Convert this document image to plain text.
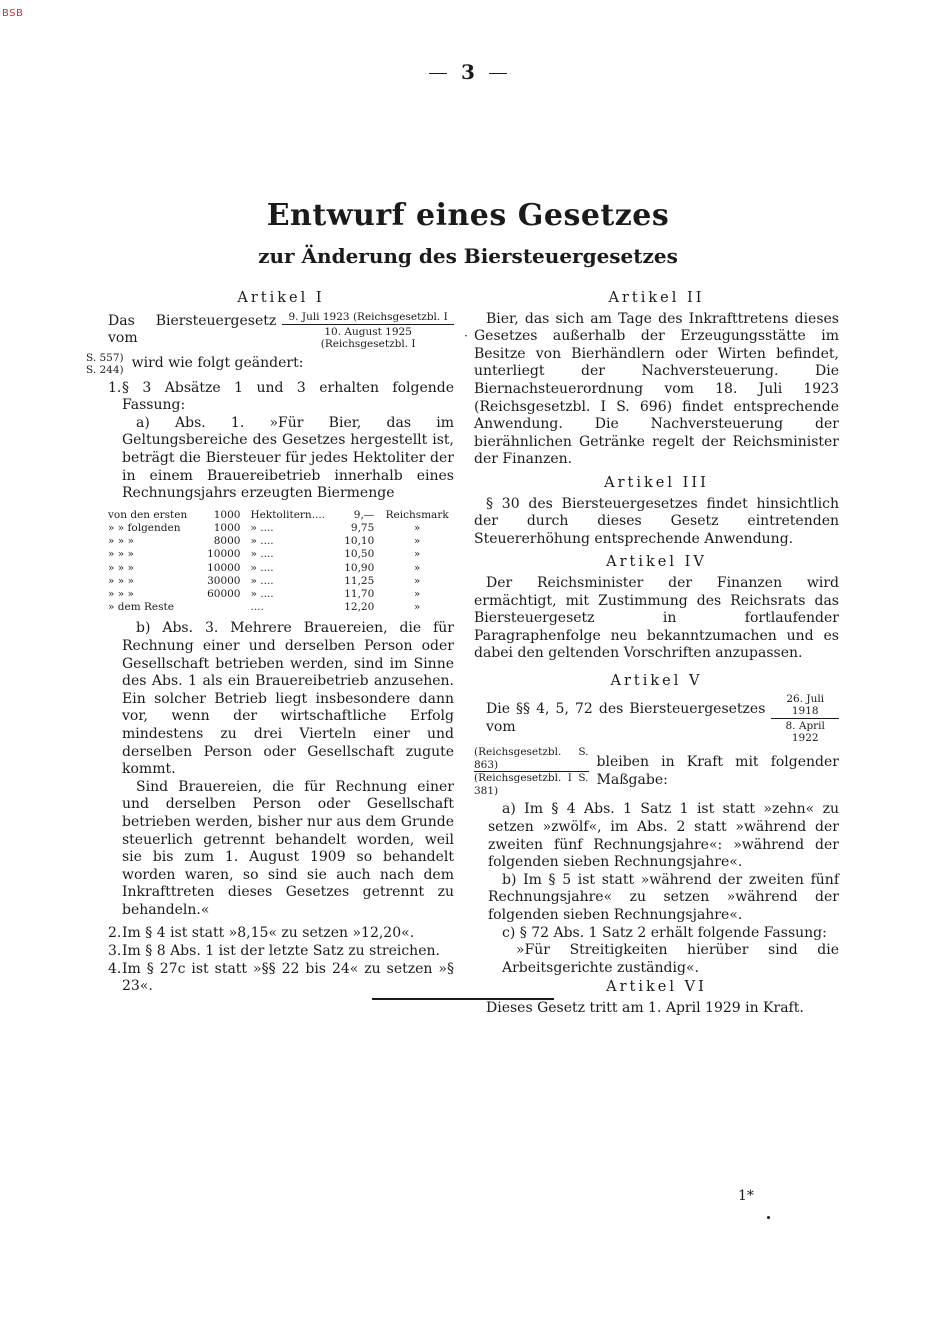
BSB
3
Entwurf eines Gesetzes
zur Änderung des Biersteuergesetzes
Artikel I
Das Biersteuergesetz vom	$\frac{\text{9. Juli 1923 (Reichsgesetzbl. I}}{\text{10. August 1925 (Reichsgesetzbl. I}}$
S. 557)
S. 244) wird wie folgt geändert:
1. § 3 Absätze 1 und 3 erhalten folgende Fassung:

a) Abs. 1. »Für Bier, das im Geltungsbereiche des Gesetzes hergestellt ist, beträgt die Biersteuer für jedes Hektoliter der in einem Brauereibetrieb innerhalb eines Rechnungsjahrs erzeugten Biermenge

von den ersten	1000	Hektolitern....	9,—	Reichsmark
» » folgenden	1000	» ....	9,75	»
» » »	8000	» ....	10,10	»
» » »	10000	» ....	10,50	»
» » »	10000	» ....	10,90	»
» » »	30000	» ....	11,25	»
» » »	60000	» ....	11,70	»
» dem Reste		....	12,20	»

b) Abs. 3. Mehrere Brauereien, die für Rechnung einer und derselben Person oder Gesellschaft betrieben werden, sind im Sinne des Abs. 1 als ein Brauereibetrieb anzusehen. Ein solcher Betrieb liegt insbesondere dann vor, wenn der wirtschaftliche Erfolg mindestens zu drei Vierteln einer und derselben Person oder Gesellschaft zugute kommt.

Sind Brauereien, die für Rechnung einer und derselben Person oder Gesellschaft betrieben werden, bisher nur aus dem Grunde steuerlich getrennt behandelt worden, weil sie bis zum 1. August 1909 so behandelt worden waren, so sind sie auch nach dem Inkrafttreten dieses Gesetzes getrennt zu behandeln.«

2. Im § 4 ist statt »8,15« zu setzen »12,20«.
3. Im § 8 Abs. 1 ist der letzte Satz zu streichen.
4. Im § 27c ist statt »§§ 22 bis 24« zu setzen »§ 23«.
Artikel II

Bier, das sich am Tage des Inkrafttretens dieses Gesetzes außerhalb der Erzeugungsstätte im Besitze von Bierhändlern oder Wirten befindet, unterliegt der Nachversteuerung. Die Biernachsteuerordnung vom 18. Juli 1923 (Reichsgesetzbl. I S. 696) findet entsprechende Anwendung. Die Nachversteuerung der bierähnlichen Getränke regelt der Reichsminister der Finanzen.

Artikel III

§ 30 des Biersteuergesetzes findet hinsichtlich der durch dieses Gesetz eintretenden Steuererhöhung entsprechende Anwendung.

Artikel IV

Der Reichsminister der Finanzen wird ermächtigt, mit Zustimmung des Reichsrats das Biersteuergesetz in fortlaufender Paragraphenfolge neu bekanntzumachen und es dabei den geltenden Vorschriften anzupassen.

Artikel V
Die §§ 4, 5, 72 des Biersteuergesetzes vom	$\frac{\text{26. Juli 1918}}{\text{8. April 1922}}$
(Reichsgesetzbl. S. 863)
(Reichsgesetzbl. I S. 381)
bleiben in Kraft mit folgender Maßgabe:

a) Im § 4 Abs. 1 Satz 1 ist statt »zehn« zu setzen »zwölf«, im Abs. 2 statt »während der zweiten fünf Rechnungsjahre«: »während der folgenden sieben Rechnungsjahre«.

b) Im § 5 ist statt »während der zweiten fünf Rechnungsjahre« zu setzen »während der folgenden sieben Rechnungsjahre«.

c) § 72 Abs. 1 Satz 2 erhält folgende Fassung:

»Für Streitigkeiten hierüber sind die Arbeitsgerichte zuständig«.

Artikel VI

Dieses Gesetz tritt am 1. April 1929 in Kraft.

·
1*
